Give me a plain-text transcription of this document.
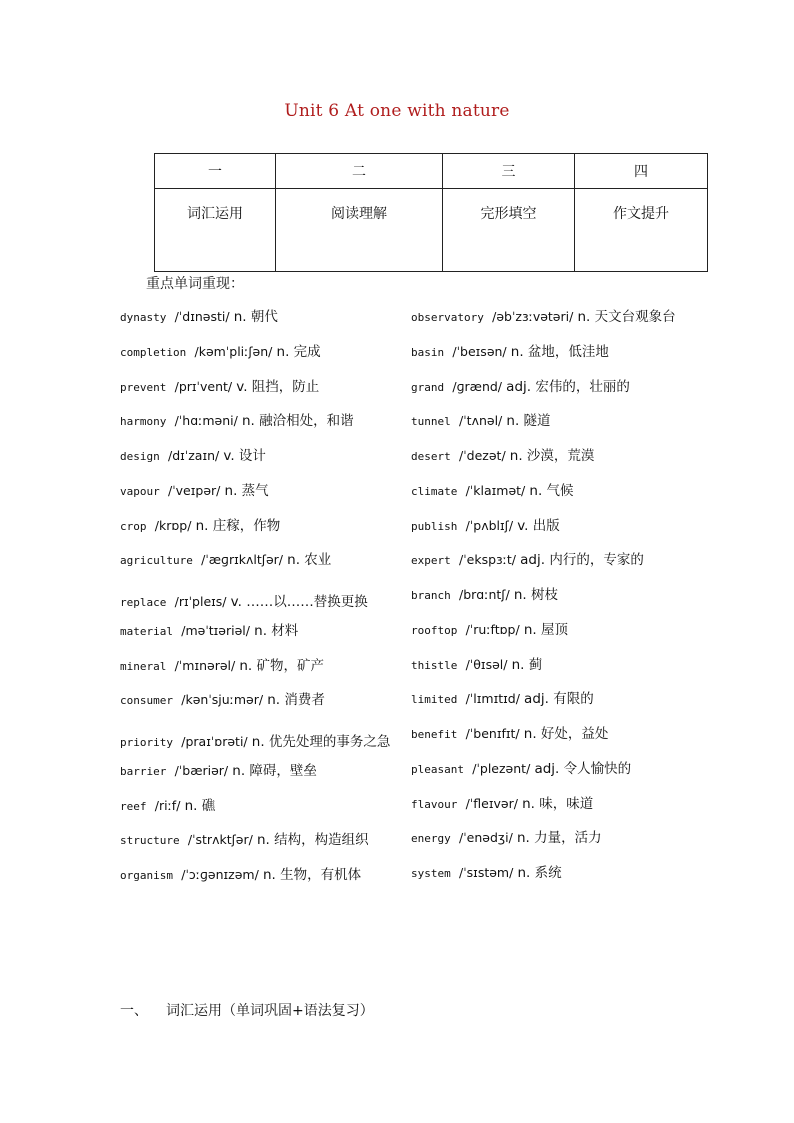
Unit 6 At one with nature
一	二	三	四
词汇运用	阅读理解	完形填空	作文提升
重点单词重现：
dynasty /ˈdɪnəsti/ n. 朝代
completion /kəmˈpliːʃən/ n. 完成
prevent /prɪˈvent/ v. 阻挡，防止
harmony /ˈhɑːməni/ n. 融洽相处，和谐
design /dɪˈzaɪn/ v. 设计
vapour /ˈveɪpər/ n. 蒸气
crop /krɒp/ n. 庄稼，作物
agriculture /ˈæɡrɪkʌltʃər/ n. 农业
replace /rɪˈpleɪs/ v. ……以……替换更换
material /məˈtɪəriəl/ n. 材料
mineral /ˈmɪnərəl/ n. 矿物，矿产
consumer /kənˈsjuːmər/ n. 消费者
priority /praɪˈɒrəti/ n. 优先处理的事务之急
barrier /ˈbæriər/ n. 障碍，壁垒
reef /riːf/ n. 礁
structure /ˈstrʌktʃər/ n. 结构，构造组织
organism /ˈɔːɡənɪzəm/ n. 生物，有机体
observatory /əbˈzɜːvətəri/ n. 天文台观象台
basin /ˈbeɪsən/ n. 盆地，低洼地
grand /ɡrænd/ adj. 宏伟的，壮丽的
tunnel /ˈtʌnəl/ n. 隧道
desert /ˈdezət/ n. 沙漠，荒漠
climate /ˈklaɪmət/ n. 气候
publish /ˈpʌblɪʃ/ v. 出版
expert /ˈekspɜːt/ adj. 内行的，专家的
branch /brɑːntʃ/ n. 树枝
rooftop /ˈruːftɒp/ n. 屋顶
thistle /ˈθɪsəl/ n. 蓟
limited /ˈlɪmɪtɪd/ adj. 有限的
benefit /ˈbenɪfɪt/ n. 好处，益处
pleasant /ˈplezənt/ adj. 令人愉快的
flavour /ˈfleɪvər/ n. 味，味道
energy /ˈenədʒi/ n. 力量，活力
system /ˈsɪstəm/ n. 系统
一、 词汇运用（单词巩固+语法复习）
